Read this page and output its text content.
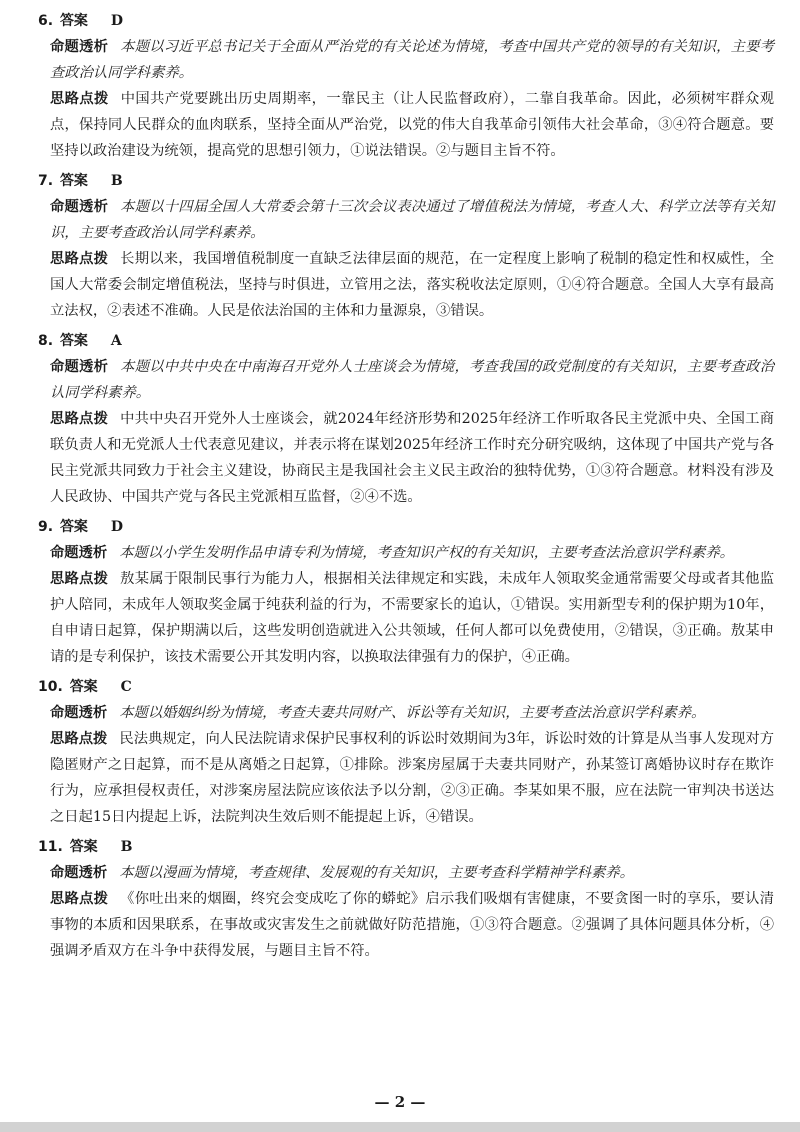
6. 答案 D

命题透析 本题以习近平总书记关于全面从严治党的有关论述为情境，考查中国共产党的领导的有关知识，主要考查政治认同学科素养。

思路点拨 中国共产党要跳出历史周期率，一靠民主（让人民监督政府），二靠自我革命。因此，必须树牢群众观点，保持同人民群众的血肉联系，坚持全面从严治党，以党的伟大自我革命引领伟大社会革命，③④符合题意。要坚持以政治建设为统领，提高党的思想引领力，①说法错误。②与题目主旨不符。

7. 答案 B

命题透析 本题以十四届全国人大常委会第十三次会议表决通过了增值税法为情境，考查人大、科学立法等有关知识，主要考查政治认同学科素养。

思路点拨 长期以来，我国增值税制度一直缺乏法律层面的规范，在一定程度上影响了税制的稳定性和权威性，全国人大常委会制定增值税法，坚持与时俱进，立管用之法，落实税收法定原则，①④符合题意。全国人大享有最高立法权，②表述不准确。人民是依法治国的主体和力量源泉，③错误。

8. 答案 A

命题透析 本题以中共中央在中南海召开党外人士座谈会为情境，考查我国的政党制度的有关知识，主要考查政治认同学科素养。

思路点拨 中共中央召开党外人士座谈会，就2024年经济形势和2025年经济工作听取各民主党派中央、全国工商联负责人和无党派人士代表意见建议，并表示将在谋划2025年经济工作时充分研究吸纳，这体现了中国共产党与各民主党派共同致力于社会主义建设，协商民主是我国社会主义民主政治的独特优势，①③符合题意。材料没有涉及人民政协、中国共产党与各民主党派相互监督，②④不选。

9. 答案 D

命题透析 本题以小学生发明作品申请专利为情境，考查知识产权的有关知识，主要考查法治意识学科素养。

思路点拨 敖某属于限制民事行为能力人，根据相关法律规定和实践，未成年人领取奖金通常需要父母或者其他监护人陪同，未成年人领取奖金属于纯获利益的行为，不需要家长的追认，①错误。实用新型专利的保护期为10年，自申请日起算，保护期满以后，这些发明创造就进入公共领域，任何人都可以免费使用，②错误，③正确。敖某申请的是专利保护，该技术需要公开其发明内容，以换取法律强有力的保护，④正确。

10. 答案 C

命题透析 本题以婚姻纠纷为情境，考查夫妻共同财产、诉讼等有关知识，主要考查法治意识学科素养。

思路点拨 民法典规定，向人民法院请求保护民事权利的诉讼时效期间为3年，诉讼时效的计算是从当事人发现对方隐匿财产之日起算，而不是从离婚之日起算，①排除。涉案房屋属于夫妻共同财产，孙某签订离婚协议时存在欺诈行为，应承担侵权责任，对涉案房屋法院应该依法予以分割，②③正确。李某如果不服，应在法院一审判决书送达之日起15日内提起上诉，法院判决生效后则不能提起上诉，④错误。

11. 答案 B

命题透析 本题以漫画为情境，考查规律、发展观的有关知识，主要考查科学精神学科素养。

思路点拨 《你吐出来的烟圈，终究会变成吃了你的蟒蛇》启示我们吸烟有害健康，不要贪图一时的享乐，要认清事物的本质和因果联系，在事故或灾害发生之前就做好防范措施，①③符合题意。②强调了具体问题具体分析，④强调矛盾双方在斗争中获得发展，与题目主旨不符。

— 2 —
